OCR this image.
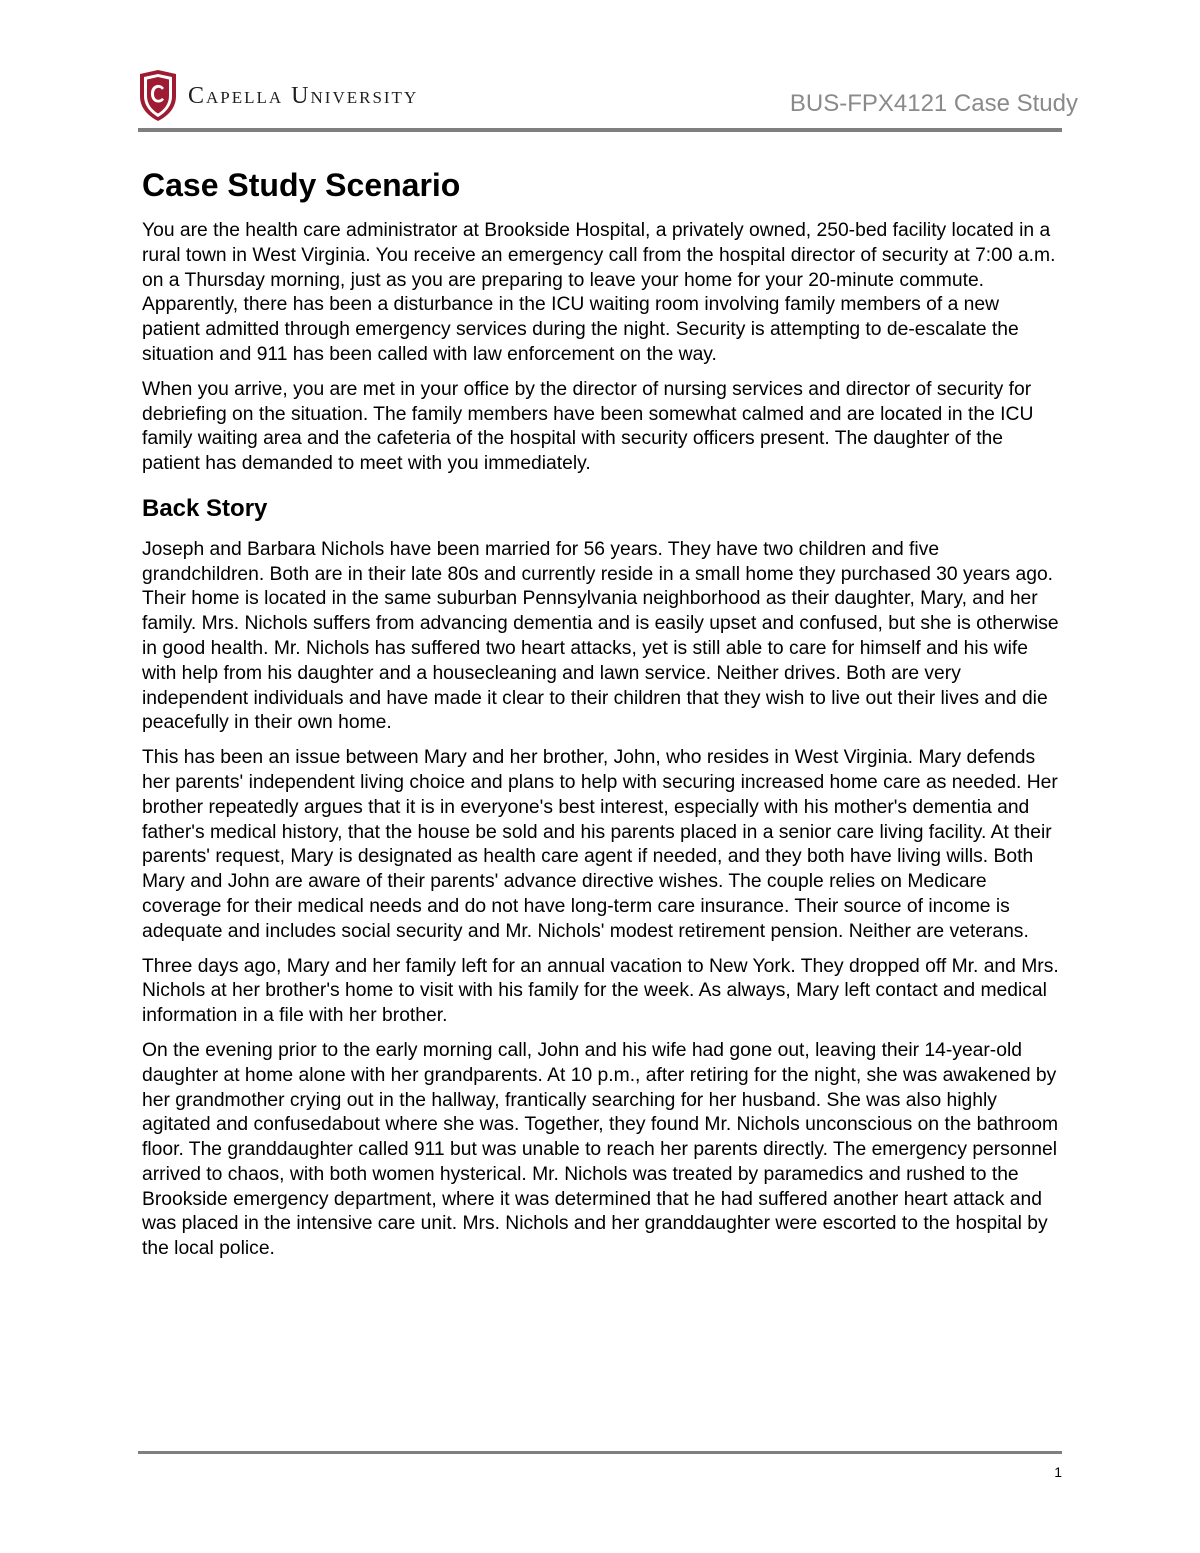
Capella University	BUS-FPX4121 Case Study
Case Study Scenario

You are the health care administrator at Brookside Hospital, a privately owned, 250-bed facility located in a rural town in West Virginia. You receive an emergency call from the hospital director of security at 7:00 a.m. on a Thursday morning, just as you are preparing to leave your home for your 20-minute commute. Apparently, there has been a disturbance in the ICU waiting room involving family members of a new patient admitted through emergency services during the night. Security is attempting to de-escalate the situation and 911 has been called with law enforcement on the way.

When you arrive, you are met in your office by the director of nursing services and director of security for debriefing on the situation. The family members have been somewhat calmed and are located in the ICU family waiting area and the cafeteria of the hospital with security officers present. The daughter of the patient has demanded to meet with you immediately.

Back Story

Joseph and Barbara Nichols have been married for 56 years. They have two children and five grandchildren. Both are in their late 80s and currently reside in a small home they purchased 30 years ago. Their home is located in the same suburban Pennsylvania neighborhood as their daughter, Mary, and her family. Mrs. Nichols suffers from advancing dementia and is easily upset and confused, but she is otherwise in good health. Mr. Nichols has suffered two heart attacks, yet is still able to care for himself and his wife with help from his daughter and a housecleaning and lawn service. Neither drives. Both are very independent individuals and have made it clear to their children that they wish to live out their lives and die peacefully in their own home.

This has been an issue between Mary and her brother, John, who resides in West Virginia. Mary defends her parents' independent living choice and plans to help with securing increased home care as needed. Her brother repeatedly argues that it is in everyone's best interest, especially with his mother's dementia and father's medical history, that the house be sold and his parents placed in a senior care living facility. At their parents' request, Mary is designated as health care agent if needed, and they both have living wills. Both Mary and John are aware of their parents' advance directive wishes. The couple relies on Medicare coverage for their medical needs and do not have long-term care insurance. Their source of income is adequate and includes social security and Mr. Nichols' modest retirement pension. Neither are veterans.

Three days ago, Mary and her family left for an annual vacation to New York. They dropped off Mr. and Mrs. Nichols at her brother's home to visit with his family for the week. As always, Mary left contact and medical information in a file with her brother.

On the evening prior to the early morning call, John and his wife had gone out, leaving their 14-year-old daughter at home alone with her grandparents. At 10 p.m., after retiring for the night, she was awakened by her grandmother crying out in the hallway, frantically searching for her husband. She was also highly agitated and confusedabout where she was. Together, they found Mr. Nichols unconscious on the bathroom floor. The granddaughter called 911 but was unable to reach her parents directly. The emergency personnel arrived to chaos, with both women hysterical. Mr. Nichols was treated by paramedics and rushed to the Brookside emergency department, where it was determined that he had suffered another heart attack and was placed in the intensive care unit. Mrs. Nichols and her granddaughter were escorted to the hospital by the local police.

1
